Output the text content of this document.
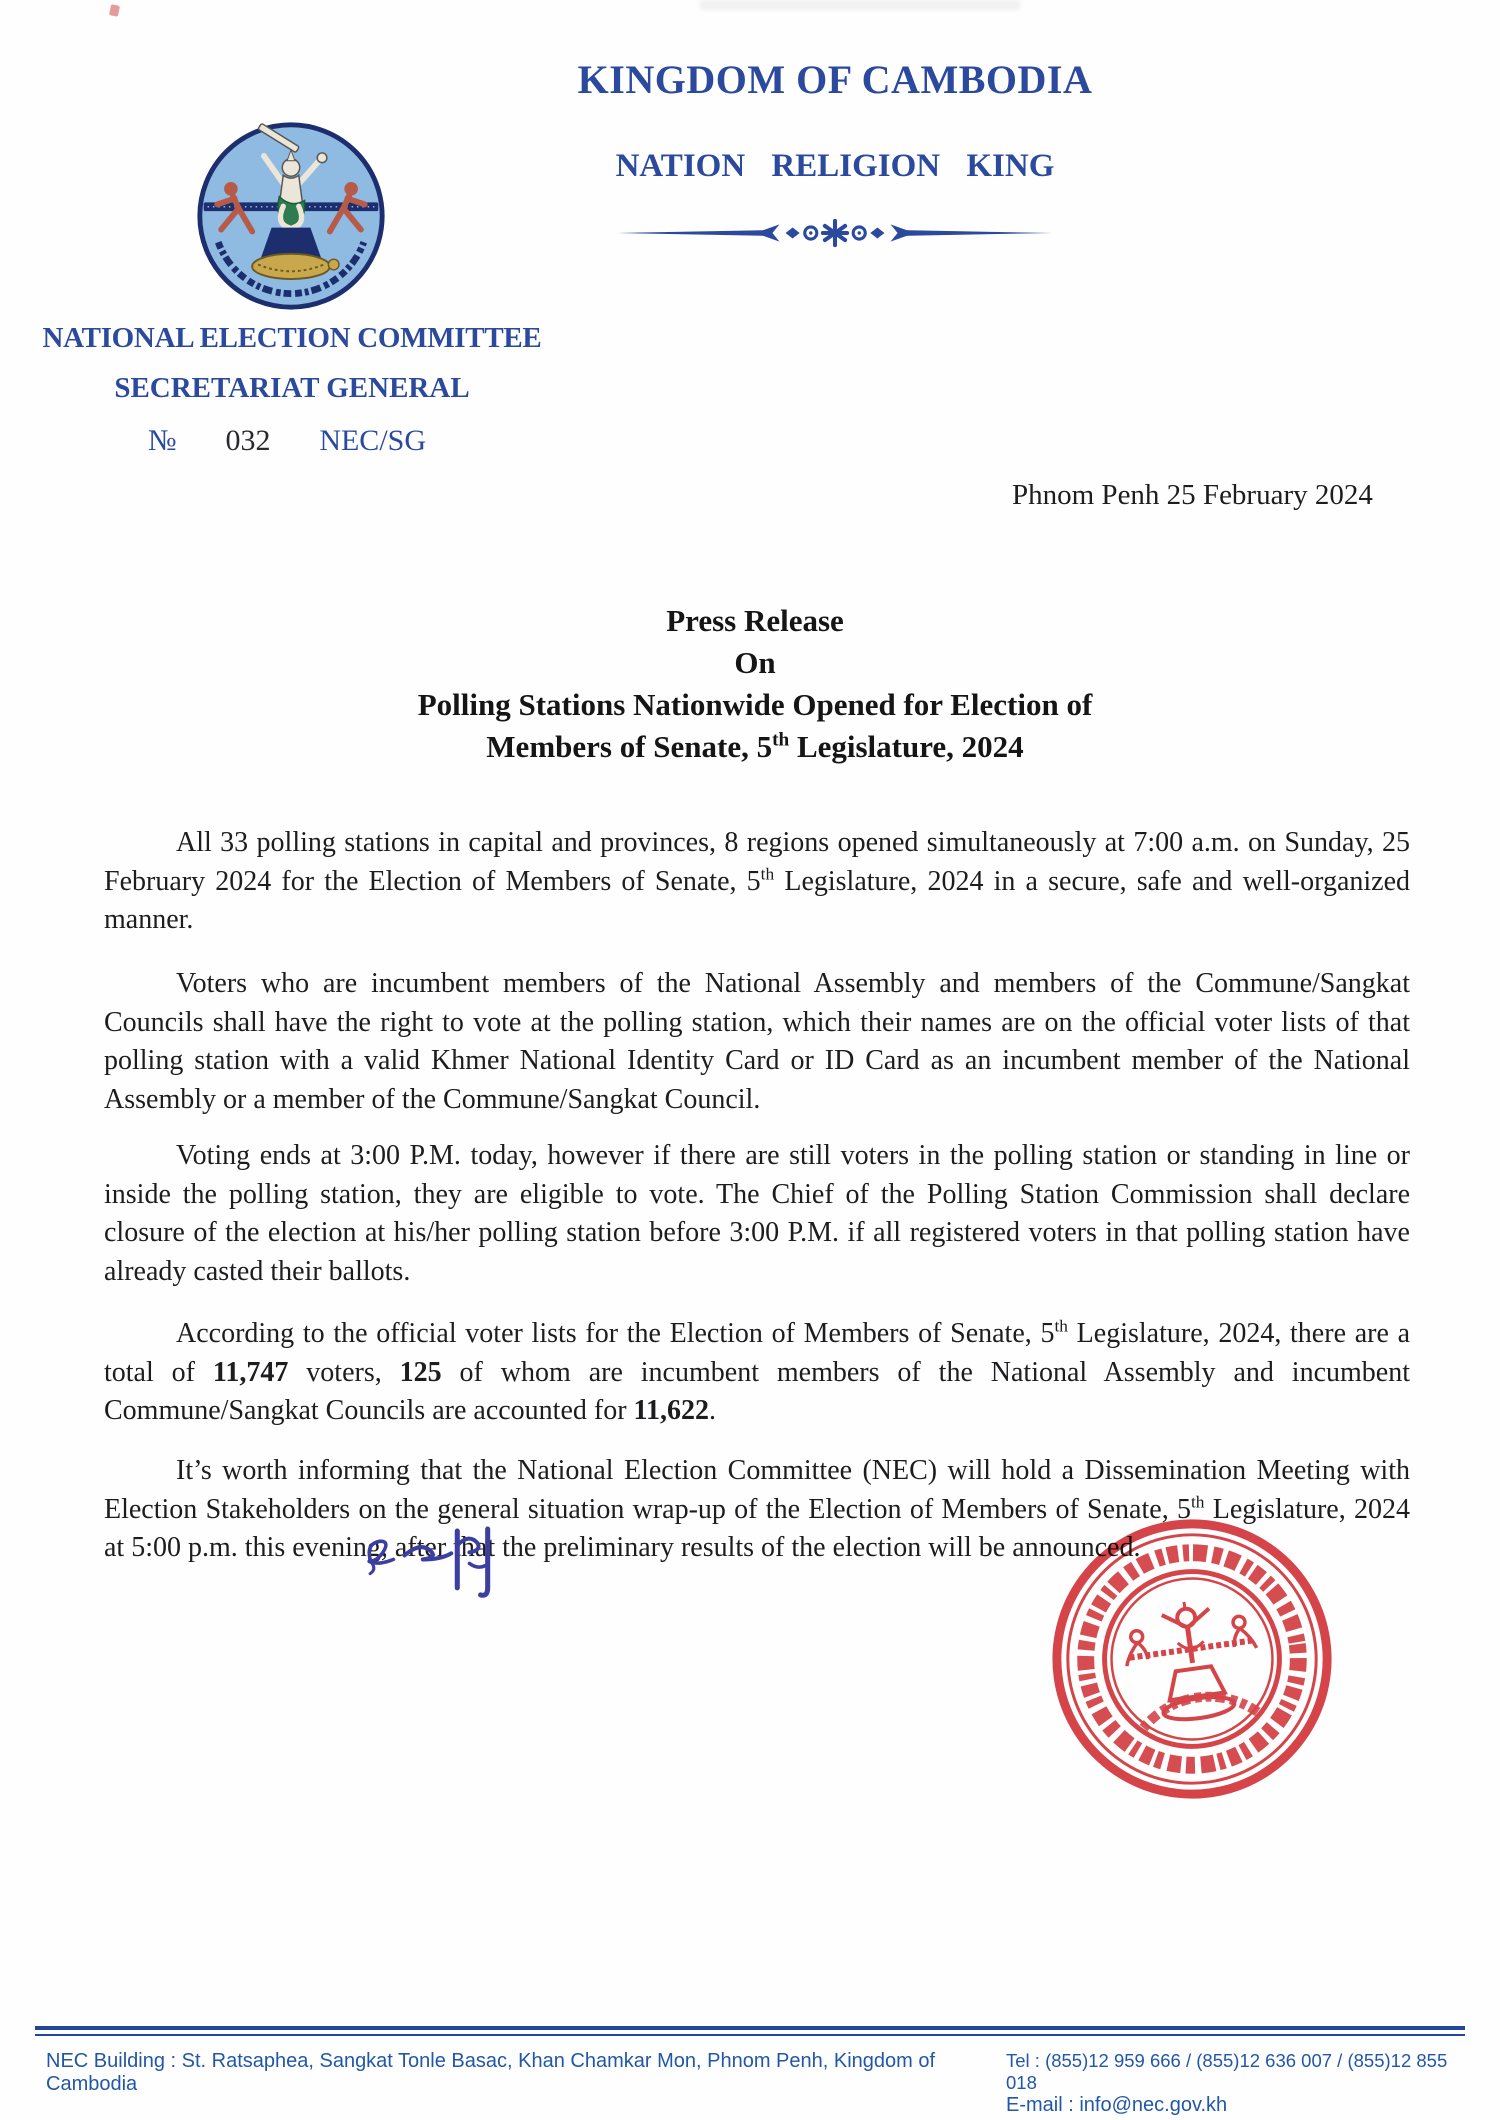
KINGDOM OF CAMBODIA
NATION RELIGION KING
NATIONAL ELECTION COMMITTEE
SECRETARIAT GENERAL
№ 032 NEC/SG
Phnom Penh 25 February 2024
Press Release
On
Polling Stations Nationwide Opened for Election of
Members of Senate, 5th Legislature, 2024

All 33 polling stations in capital and provinces, 8 regions opened simultaneously at 7:00 a.m. on Sunday, 25 February 2024 for the Election of Members of Senate, 5th Legislature, 2024 in a secure, safe and well-organized manner.

Voters who are incumbent members of the National Assembly and members of the Commune/Sangkat Councils shall have the right to vote at the polling station, which their names are on the official voter lists of that polling station with a valid Khmer National Identity Card or ID Card as an incumbent member of the National Assembly or a member of the Commune/Sangkat Council.

Voting ends at 3:00 P.M. today, however if there are still voters in the polling station or standing in line or inside the polling station, they are eligible to vote. The Chief of the Polling Station Commission shall declare closure of the election at his/her polling station before 3:00 P.M. if all registered voters in that polling station have already casted their ballots.

According to the official voter lists for the Election of Members of Senate, 5th Legislature, 2024, there are a total of 11,747 voters, 125 of whom are incumbent members of the National Assembly and incumbent Commune/Sangkat Councils are accounted for 11,622.

It’s worth informing that the National Election Committee (NEC) will hold a Dissemination Meeting with Election Stakeholders on the general situation wrap-up of the Election of Members of Senate, 5th Legislature, 2024 at 5:00 p.m. this evening, after that the preliminary results of the election will be announced.

NEC Building : St. Ratsaphea, Sangkat Tonle Basac, Khan Chamkar Mon, Phnom Penh, Kingdom of Cambodia
Tel : (855)12 959 666 / (855)12 636 007 / (855)12 855 018
E-mail : info@nec.gov.kh
